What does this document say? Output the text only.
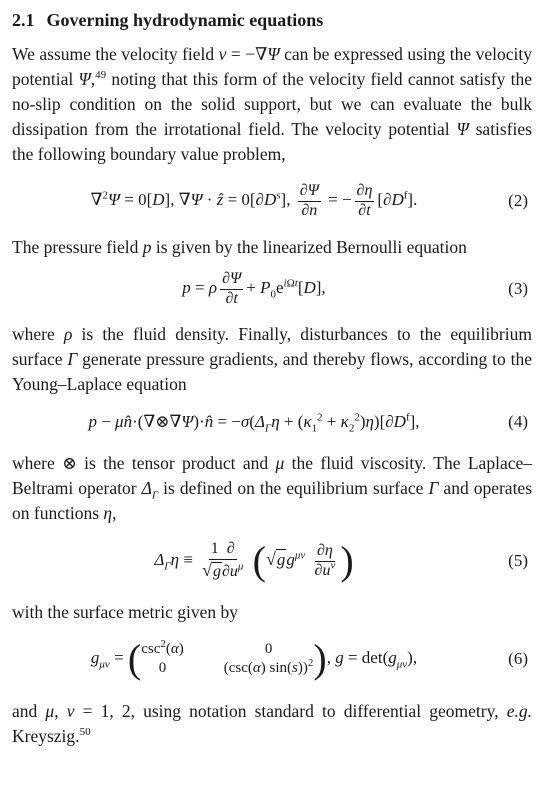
2.1 Governing hydrodynamic equations

We assume the velocity field v = −∇Ψ can be expressed using the velocity potential Ψ,$^{49}$ noting that this form of the velocity field cannot satisfy the no-slip condition on the solid support, but we can evaluate the bulk dissipation from the irrotational field. The velocity potential Ψ satisfies the following boundary value problem,

∇$^2$Ψ = 0[D], ∇Ψ · ẑ = $0[\partial D^s]$, $\frac{\partial\Psi}{\partial n}$ = − $\frac{\partial\eta}{\partial t} [\partial D^f]$.	(2)

The pressure field p is given by the linearized Bernoulli equation

p = ρ $\frac{\partial\Psi}{\partial t} + P_0e^{i\Omega t}[D]$,	(3)

where ρ is the fluid density. Finally, disturbances to the equilibrium surface Γ generate pressure gradients, and thereby flows, according to the Young–Laplace equation

p − μn̂·(∇⊗∇Ψ)·n̂ = $-\sigma(\Delta_\Gamma\eta + (\kappa_1^2 + \kappa_2^2)\eta)[\partial D^f]$,	(4)

where ⊗ is the tensor product and μ the fluid viscosity. The Laplace–Beltrami operator $\Delta_\Gamma$ is defined on the equilibrium surface Γ and operates on functions η,

$\Delta_\Gamma\eta \equiv \frac{1 \partial}{√g\partial u^\mu} (√gg^{\mu\nu} \frac{\partial\eta}{\partial u^\nu}$ )	(5)

with the surface metric given by

$g_{\mu\nu}$ = ( $\csc^2(\alpha)$	0
0	(csc(α) sin(s))$^2$ ), $g = \det(g_{\mu\nu})$,	(6)

and μ, ν = 1, 2, using notation standard to differential geometry, e.g. Kreyszig.$^{50}$
